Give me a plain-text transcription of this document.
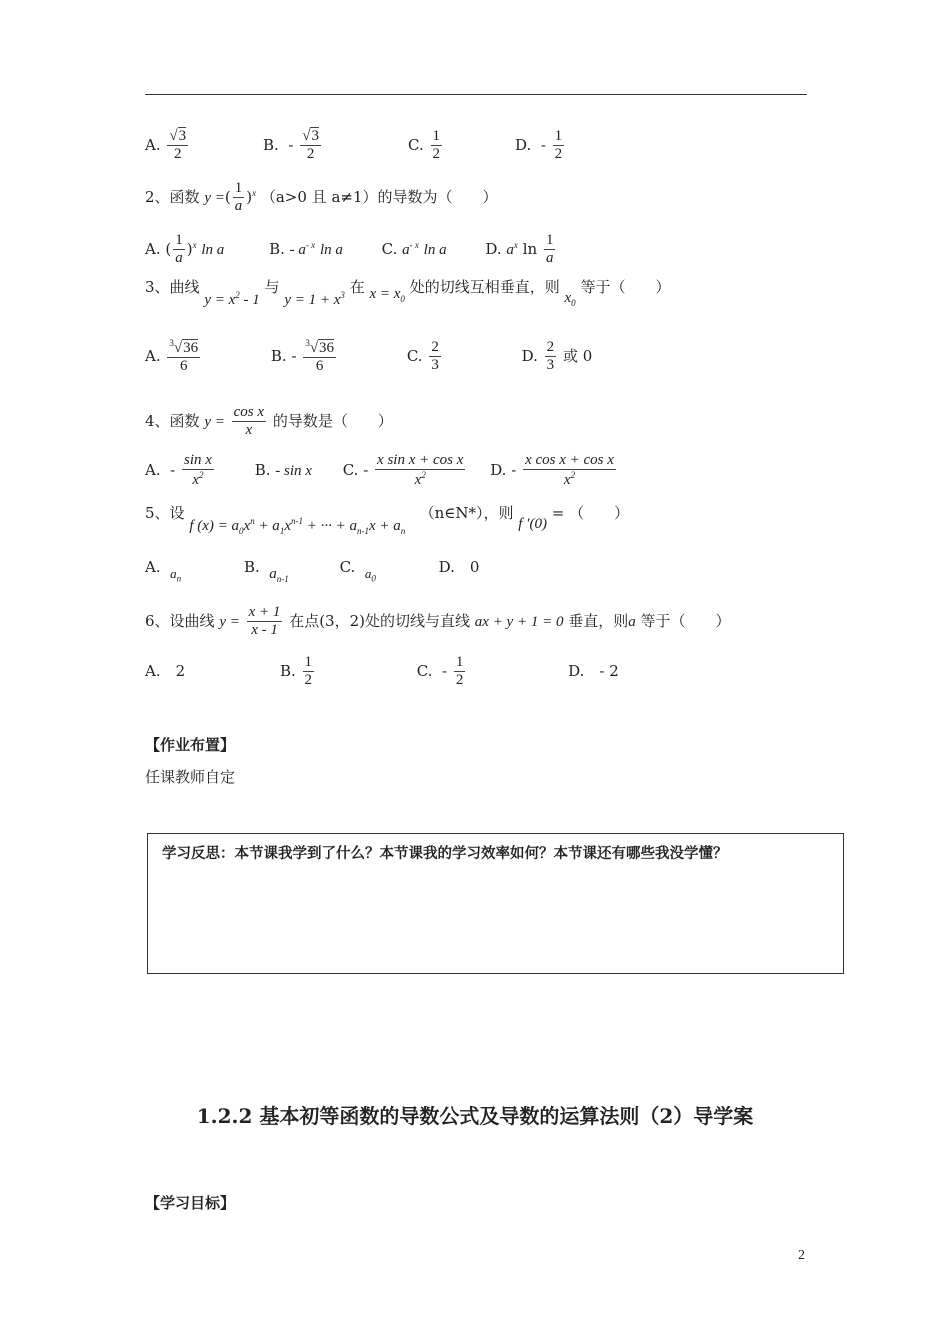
A. $\frac{√3}{2}$	B. - $\frac{√3}{2}$	C. $\frac{1}{2}$	D. - $\frac{1}{2}$
2、函数 y =( $\frac{1}{a} )^x$ （a>0 且 a≠1）的导数为（　　）
A. ( $\frac{1}{a} )^x$ ln a	B. - $a^{- x}$ ln a	C. $a^{- x}$ ln a	D. $a^x$ $\ln \frac{1}{a}$
3、曲线 $y = x^2 - 1$ 与 $y = 1 + x^3$ 在 $x = x_0$ 处的切线互相垂直，则 $x_0$ 等于（　　）
A. $\frac{^3√36}{6}$	B. - $\frac{^3√36}{6}$	C. $\frac{2}{3}$	D. $\frac{2}{3}$ 或 0
4、函数 $y = \frac{\text{cos x}}{x}$ 的导数是（　　）
A.  - $\frac{\text{sin x}}{x^2}$	B. - sin x C. - $\frac{\text{x sin x + cos x}}{x^2} D$. - $\frac{\text{x cos x + cos x}}{x^2}$
5、设 f $(x) = a_0x^n + a_1x^{n-1}$ + ··· + $a_{n-1}x + a_n$   （n∈N*），则 f ′(0) = （　　）
A. $a_n$ B. $a_{n-1}$ C. $a_0$ D.　0
6、设曲线 $y = \frac{x + 1}{x - 1}$ 在点(3，2)处的切线与直线 ax + y + 1 = 0 垂直，则a 等于（　　）
A.　2	B. $\frac{1}{2}$	C.  - $\frac{1}{2}$	D.　- 2
【作业布置】
任课教师自定
学习反思：本节课我学到了什么？本节课我的学习效率如何？本节课还有哪些我没学懂？
1.2.2 基本初等函数的导数公式及导数的运算法则（2）导学案
【学习目标】
2
